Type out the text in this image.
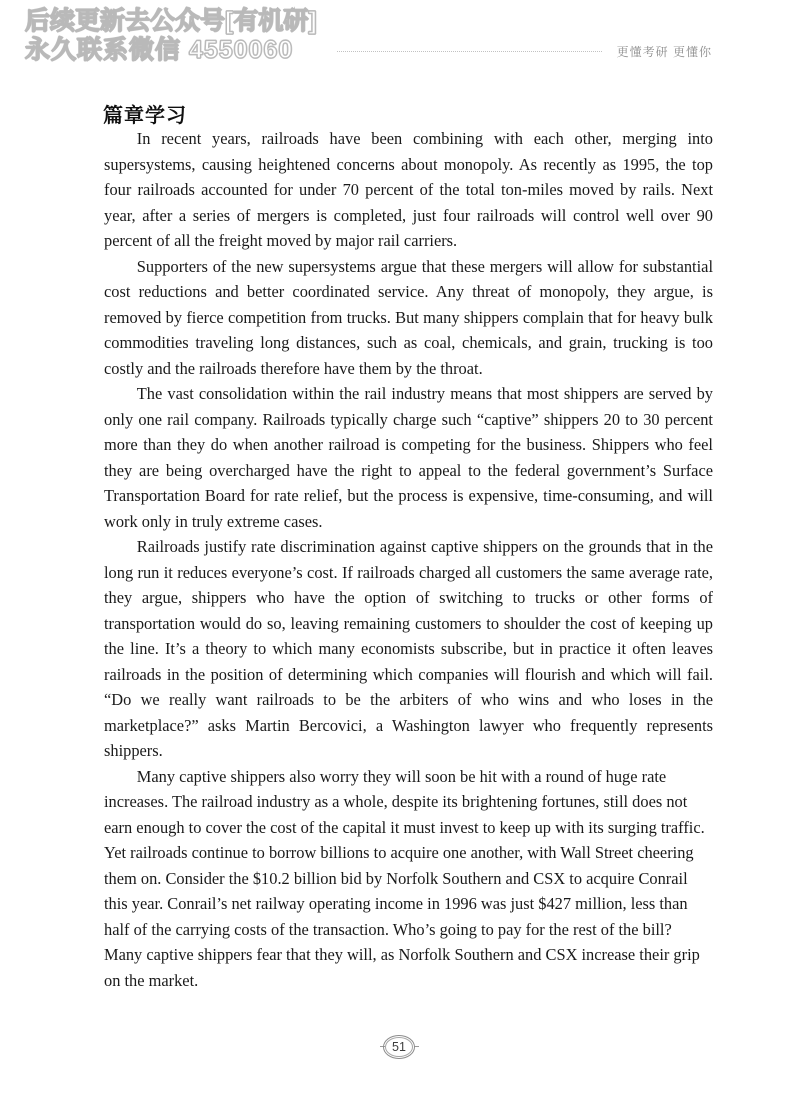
后续更新去公众号[有机研]
永久联系微信 4550060	更懂考研 更懂你
篇章学习

In recent years, railroads have been combining with each other, merging into supersystems, causing heightened concerns about monopoly. As recently as 1995, the top four railroads accounted for under 70 percent of the total ton-miles moved by rails. Next year, after a series of mergers is completed, just four railroads will control well over 90 percent of all the freight moved by major rail carriers.

Supporters of the new supersystems argue that these mergers will allow for substantial cost reductions and better coordinated service. Any threat of monopoly, they argue, is removed by fierce competition from trucks. But many shippers complain that for heavy bulk commodities traveling long distances, such as coal, chemicals, and grain, trucking is too costly and the railroads therefore have them by the throat.

The vast consolidation within the rail industry means that most shippers are served by only one rail company. Railroads typically charge such “captive” shippers 20 to 30 percent more than they do when another railroad is competing for the business. Shippers who feel they are being overcharged have the right to appeal to the federal government’s Surface Transportation Board for rate relief, but the process is expensive, time-consuming, and will work only in truly extreme cases.

Railroads justify rate discrimination against captive shippers on the grounds that in the long run it reduces everyone’s cost. If railroads charged all customers the same average rate, they argue, shippers who have the option of switching to trucks or other forms of transportation would do so, leaving remaining customers to shoulder the cost of keeping up the line. It’s a theory to which many economists subscribe, but in practice it often leaves railroads in the position of determining which companies will flourish and which will fail. “Do we really want railroads to be the arbiters of who wins and who loses in the marketplace?” asks Martin Bercovici, a Washington lawyer who frequently represents shippers.

Many captive shippers also worry they will soon be hit with a round of huge rate increases. The railroad industry as a whole, despite its brightening fortunes, still does not earn enough to cover the cost of the capital it must invest to keep up with its surging traffic. Yet railroads continue to borrow billions to acquire one another, with Wall Street cheering them on. Consider the $10.2 billion bid by Norfolk Southern and CSX to acquire Conrail this year. Conrail’s net railway operating income in 1996 was just $427 million, less than half of the carrying costs of the transaction. Who’s going to pay for the rest of the bill? Many captive shippers fear that they will, as Norfolk Southern and CSX increase their grip on the market.

51
